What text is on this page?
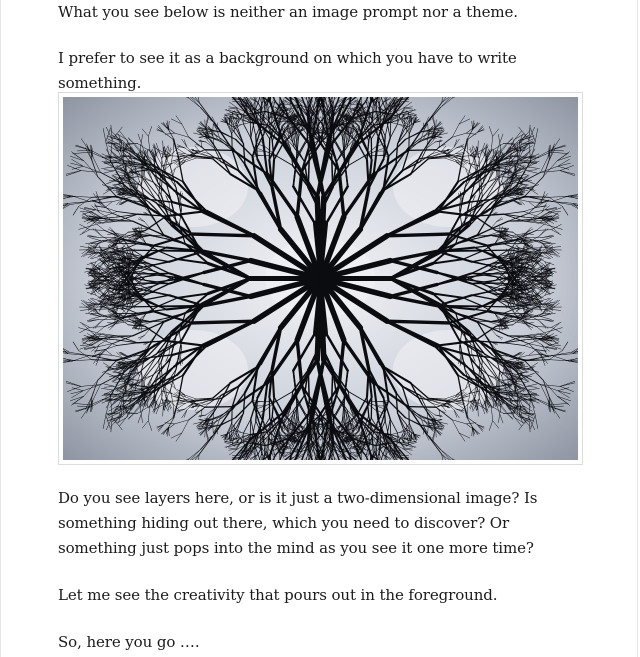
What you see below is neither an image prompt nor a theme.

I prefer to see it as a background on which you have to write something.

Do you see layers here, or is it just a two-dimensional image? Is something hiding out there, which you need to discover? Or something just pops into the mind as you see it one more time?

Let me see the creativity that pours out in the foreground.

So, here you go ….
